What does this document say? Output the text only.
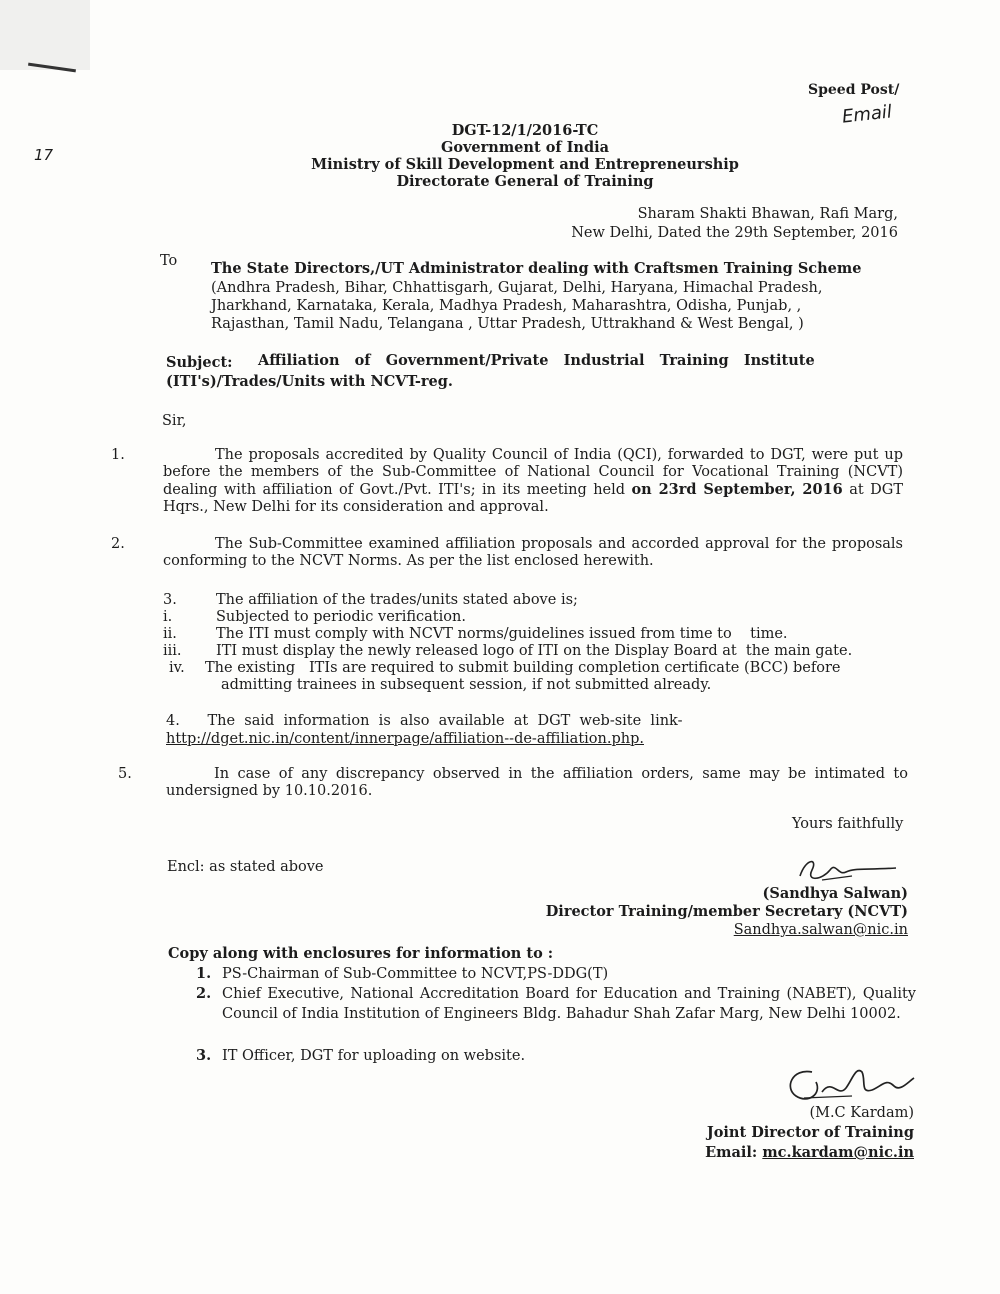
17
Speed Post/
Email
DGT-12/1/2016-TC
Government of India
Ministry of Skill Development and Entrepreneurship
Directorate General of Training
Sharam Shakti Bhawan, Rafi Marg,
New Delhi, Dated the 29th September, 2016
To The State Directors,/UT Administrator dealing with Craftsmen Training Scheme
(Andhra Pradesh, Bihar, Chhattisgarh, Gujarat, Delhi, Haryana, Himachal Pradesh,
Jharkhand, Karnataka, Kerala, Madhya Pradesh, Maharashtra, Odisha, Punjab, ,
Rajasthan, Tamil Nadu, Telangana , Uttar Pradesh, Uttrakhand & West Bengal, )
Subject: Affiliation   of   Government/Private   Industrial   Training   Institute
(ITI's)/Trades/Units with NCVT-reg.
Sir,
1.	The proposals accredited by Quality Council of India (QCI), forwarded to DGT, were put up before the members of the Sub-Committee of National Council for Vocational Training (NCVT) dealing with affiliation of Govt./Pvt. ITI's; in its meeting held on 23rd September, 2016 at DGT Hqrs., New Delhi for its consideration and approval.
2.	The Sub-Committee examined affiliation proposals and accorded approval for the proposals conforming to the NCVT Norms. As per the list enclosed herewith.
3.	The affiliation of the trades/units stated above is;
i.	Subjected to periodic verification.
ii.	The ITI must comply with NCVT norms/guidelines issued from time to    time.
iii.	ITI must display the newly released logo of ITI on the Display Board at  the main gate.
iv.	The existing   ITIs are required to submit building completion certificate (BCC) before
admitting trainees in subsequent session, if not submitted already.
4. The  said  information  is  also  available  at  DGT  web-site  link-
http://dget.nic.in/content/innerpage/affiliation--de-affiliation.php.
5.	In case of any discrepancy observed in the affiliation orders, same may be intimated to undersigned by 10.10.2016.
Yours faithfully
Encl: as stated above
(Sandhya Salwan)
Director Training/member Secretary (NCVT)
Sandhya.salwan@nic.in
Copy along with enclosures for information to :
1. PS-Chairman of Sub-Committee to NCVT,PS-DDG(T)
2. Chief Executive, National Accreditation Board for Education and Training (NABET), Quality Council of India Institution of Engineers Bldg. Bahadur Shah Zafar Marg, New Delhi 10002.
3. IT Officer, DGT for uploading on website.
(M.C Kardam)
Joint Director of Training
Email: mc.kardam@nic.in
